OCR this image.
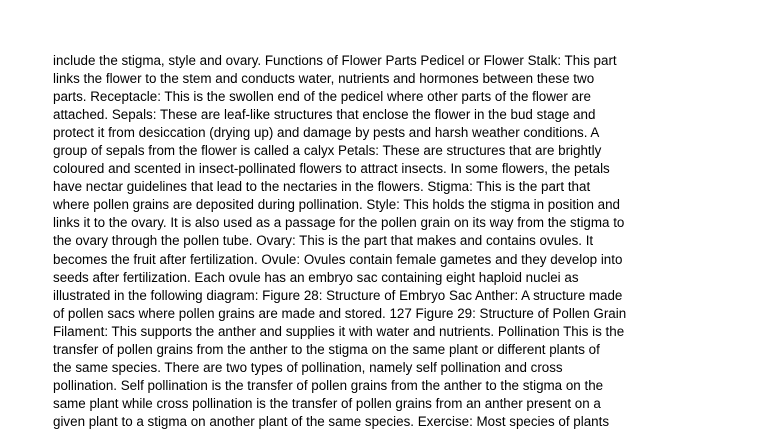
include the stigma, style and ovary. Functions of Flower Parts Pedicel or Flower Stalk: This part
links the flower to the stem and conducts water, nutrients and hormones between these two
parts. Receptacle: This is the swollen end of the pedicel where other parts of the flower are
attached. Sepals: These are leaf-like structures that enclose the flower in the bud stage and
protect it from desiccation (drying up) and damage by pests and harsh weather conditions. A
group of sepals from the flower is called a calyx Petals: These are structures that are brightly
coloured and scented in insect-pollinated flowers to attract insects. In some flowers, the petals
have nectar guidelines that lead to the nectaries in the flowers. Stigma: This is the part that
where pollen grains are deposited during pollination. Style: This holds the stigma in position and
links it to the ovary. It is also used as a passage for the pollen grain on its way from the stigma to
the ovary through the pollen tube. Ovary: This is the part that makes and contains ovules. It
becomes the fruit after fertilization. Ovule: Ovules contain female gametes and they develop into
seeds after fertilization. Each ovule has an embryo sac containing eight haploid nuclei as
illustrated in the following diagram: Figure 28: Structure of Embryo Sac Anther: A structure made
of pollen sacs where pollen grains are made and stored. 127 Figure 29: Structure of Pollen Grain
Filament: This supports the anther and supplies it with water and nutrients. Pollination This is the
transfer of pollen grains from the anther to the stigma on the same plant or different plants of
the same species. There are two types of pollination, namely self pollination and cross
pollination. Self pollination is the transfer of pollen grains from the anther to the stigma on the
same plant while cross pollination is the transfer of pollen grains from an anther present on a
given plant to a stigma on another plant of the same species. Exercise: Most species of plants
